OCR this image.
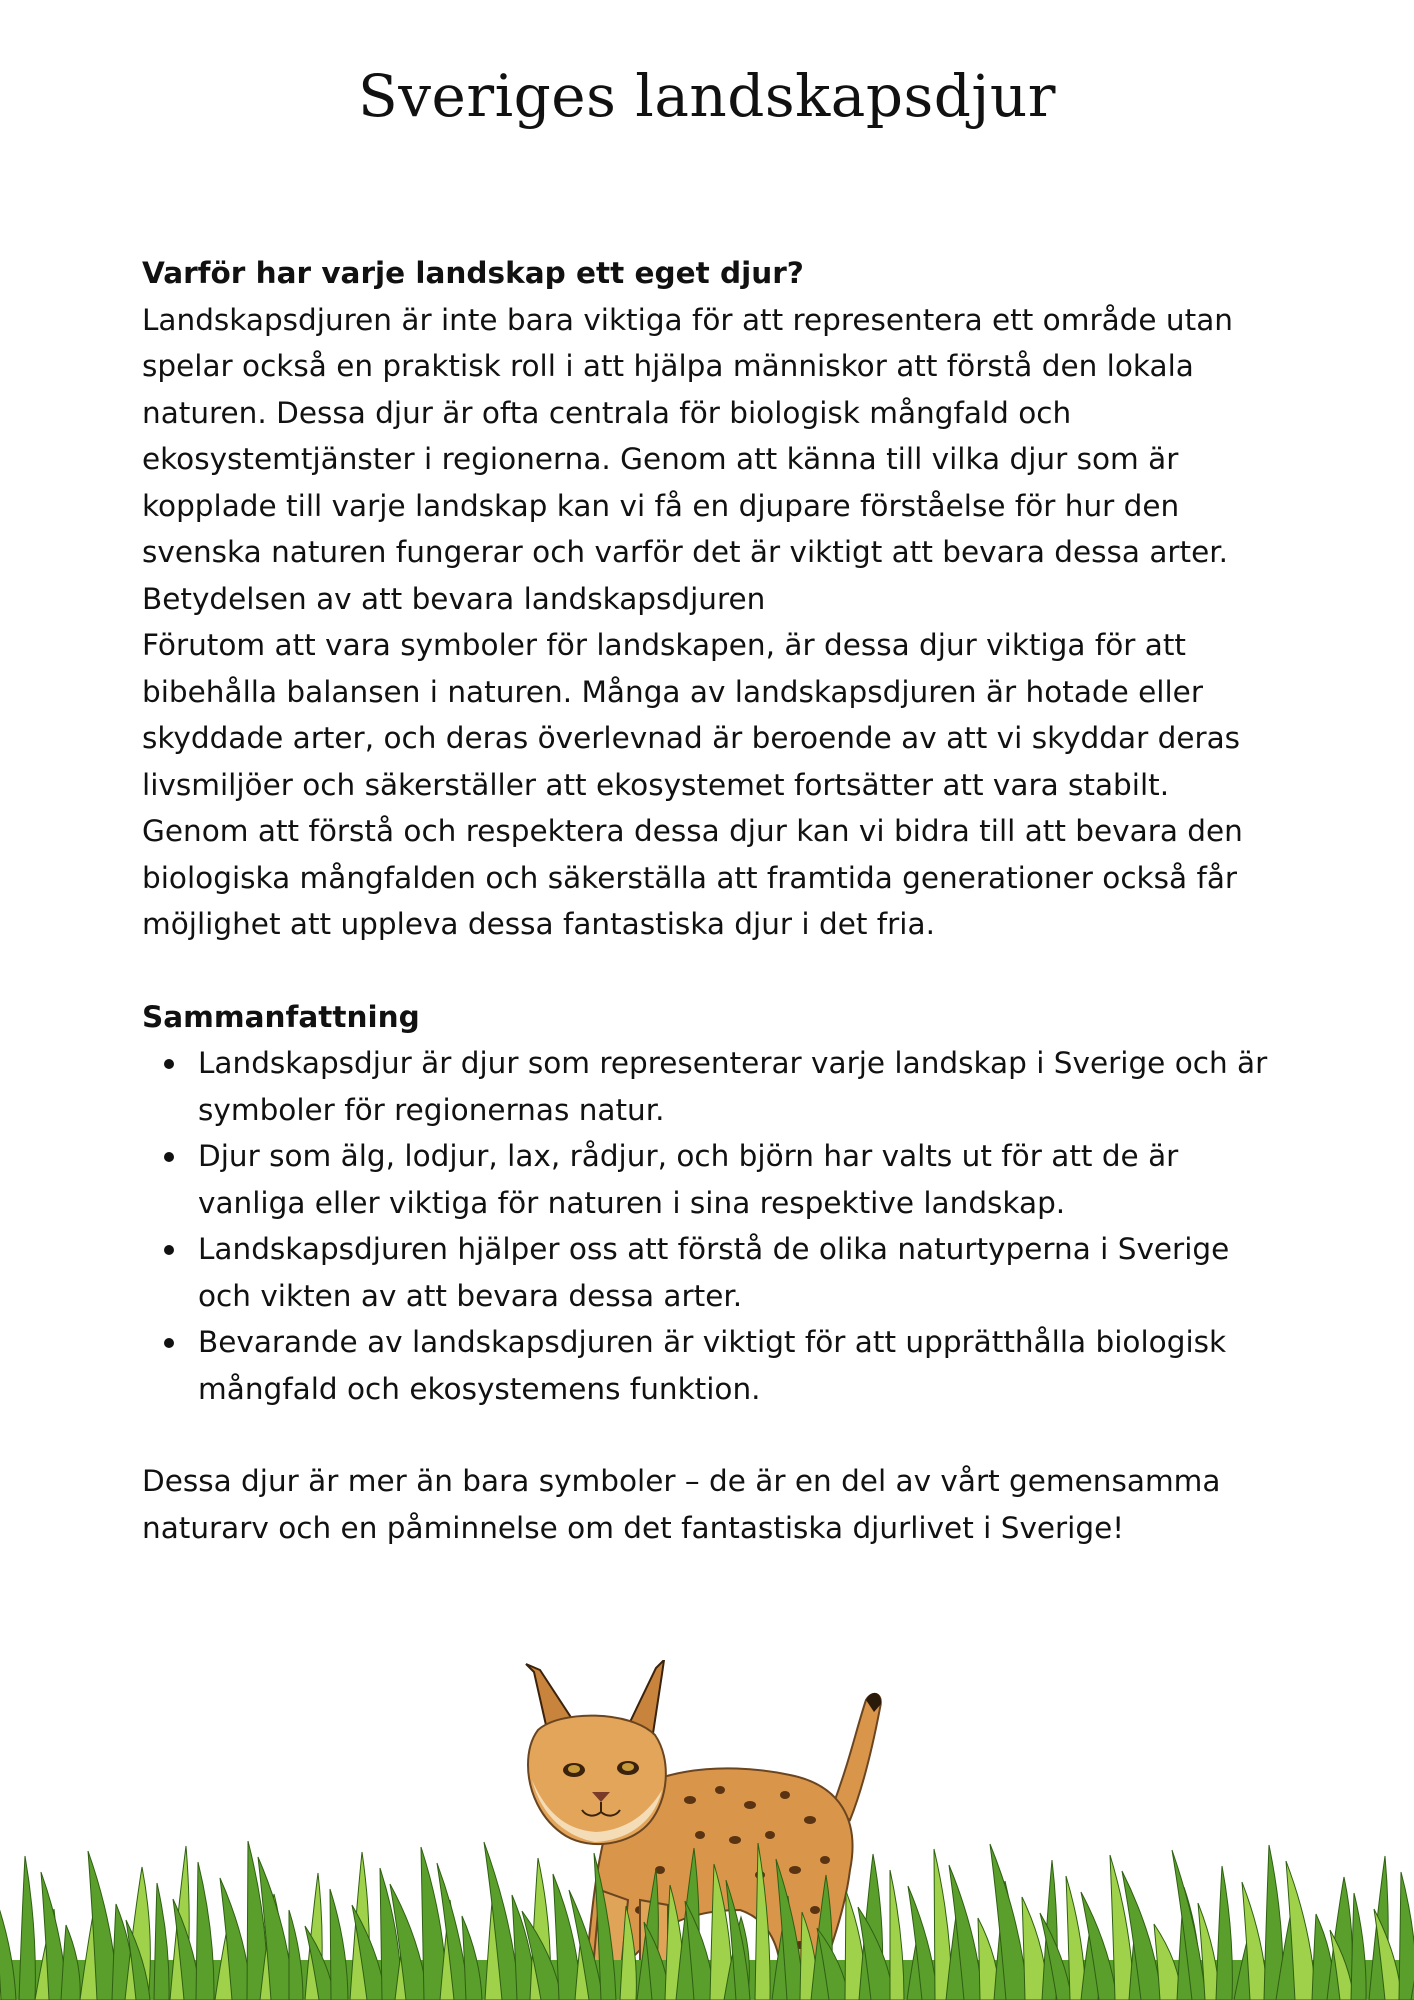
Sveriges landskapsdjur

Varför har varje landskap ett eget djur?

Landskapsdjuren är inte bara viktiga för att representera ett område utan spelar också en praktisk roll i att hjälpa människor att förstå den lokala naturen. Dessa djur är ofta centrala för biologisk mångfald och ekosystemtjänster i regionerna. Genom att känna till vilka djur som är kopplade till varje landskap kan vi få en djupare förståelse för hur den svenska naturen fungerar och varför det är viktigt att bevara dessa arter.

Betydelsen av att bevara landskapsdjuren

Förutom att vara symboler för landskapen, är dessa djur viktiga för att bibehålla balansen i naturen. Många av landskapsdjuren är hotade eller skyddade arter, och deras överlevnad är beroende av att vi skyddar deras livsmiljöer och säkerställer att ekosystemet fortsätter att vara stabilt. Genom att förstå och respektera dessa djur kan vi bidra till att bevara den biologiska mångfalden och säkerställa att framtida generationer också får möjlighet att uppleva dessa fantastiska djur i det fria.

Sammanfattning

Landskapsdjur är djur som representerar varje landskap i Sverige och är symboler för regionernas natur.
Djur som älg, lodjur, lax, rådjur, och björn har valts ut för att de är vanliga eller viktiga för naturen i sina respektive landskap.
Landskapsdjuren hjälper oss att förstå de olika naturtyperna i Sverige och vikten av att bevara dessa arter.
Bevarande av landskapsdjuren är viktigt för att upprätthålla biologisk mångfald och ekosystemens funktion.

Dessa djur är mer än bara symboler – de är en del av vårt gemensamma naturarv och en påminnelse om det fantastiska djurlivet i Sverige!
